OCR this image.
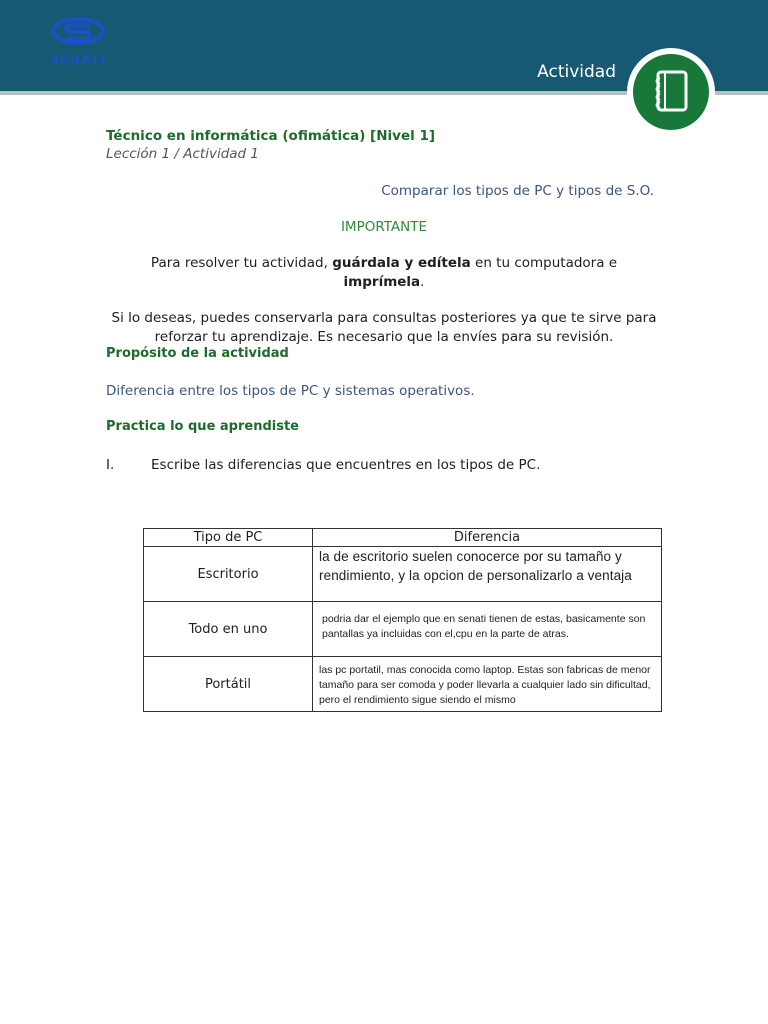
SENATI
Actividad
Técnico en informática (ofimática) [Nivel 1]
Lección 1 / Actividad 1
Comparar los tipos de PC y tipos de S.O.
IMPORTANTE
Para resolver tu actividad, guárdala y edítela en tu computadora e
imprímela.
Si lo deseas, puedes conservarla para consultas posteriores ya que te sirve para reforzar tu aprendizaje. Es necesario que la envíes para su revisión.
Propósito de la actividad
Diferencia entre los tipos de PC y sistemas operativos.
Practica lo que aprendiste
I.	Escribe las diferencias que encuentres en los tipos de PC.
Tipo de PC	Diferencia
Escritorio	la de escritorio suelen conocerce por su tamaño y rendimiento, y la opcion de personalizarlo a ventaja
Todo en uno	podria dar el ejemplo que en senati tienen de estas, basicamente son pantallas ya incluidas con el,cpu en la parte de atras.
Portátil	las pc portatil, mas conocida como laptop. Estas son fabricas de menor tamaño para ser comoda y poder llevarla a cualquier lado sin dificultad, pero el rendimiento sigue siendo el mismo
